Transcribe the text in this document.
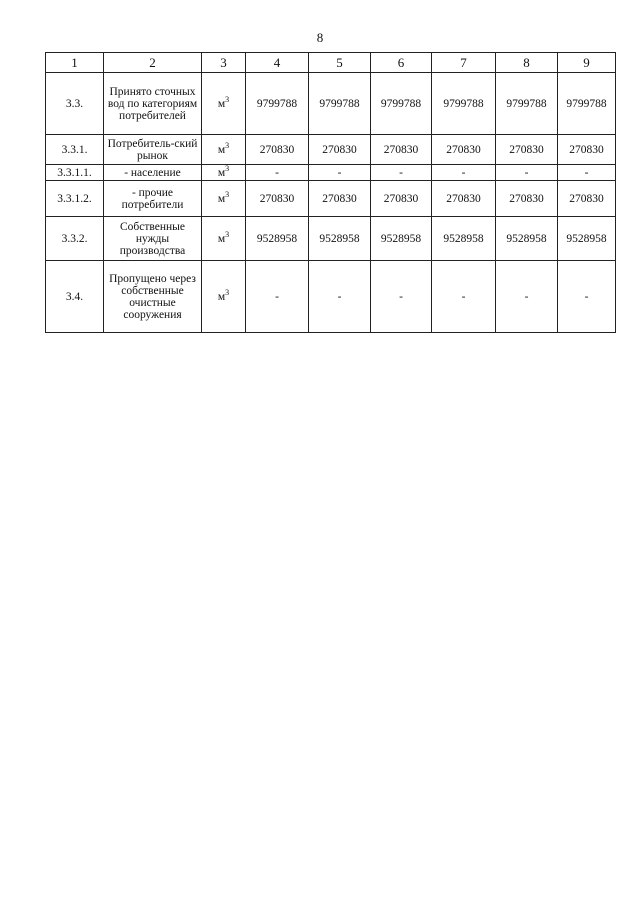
8
1	2	3	4	5	6	7	8	9
3.3.	Принято сточных вод по категориям потребителей	$м^3$	9799788	9799788	9799788	9799788	9799788	9799788
3.3.1.	Потребитель-ский рынок	$м^3$	270830	270830	270830	270830	270830	270830
3.3.1.1.	- население	$м^3$	-	-	-	-	-	-
3.3.1.2.	- прочие потребители	$м^3$	270830	270830	270830	270830	270830	270830
3.3.2.	Собственные нужды производства	$м^3$	9528958	9528958	9528958	9528958	9528958	9528958
3.4.	Пропущено через собственные очистные сооружения	$м^3$	-	-	-	-	-	-
